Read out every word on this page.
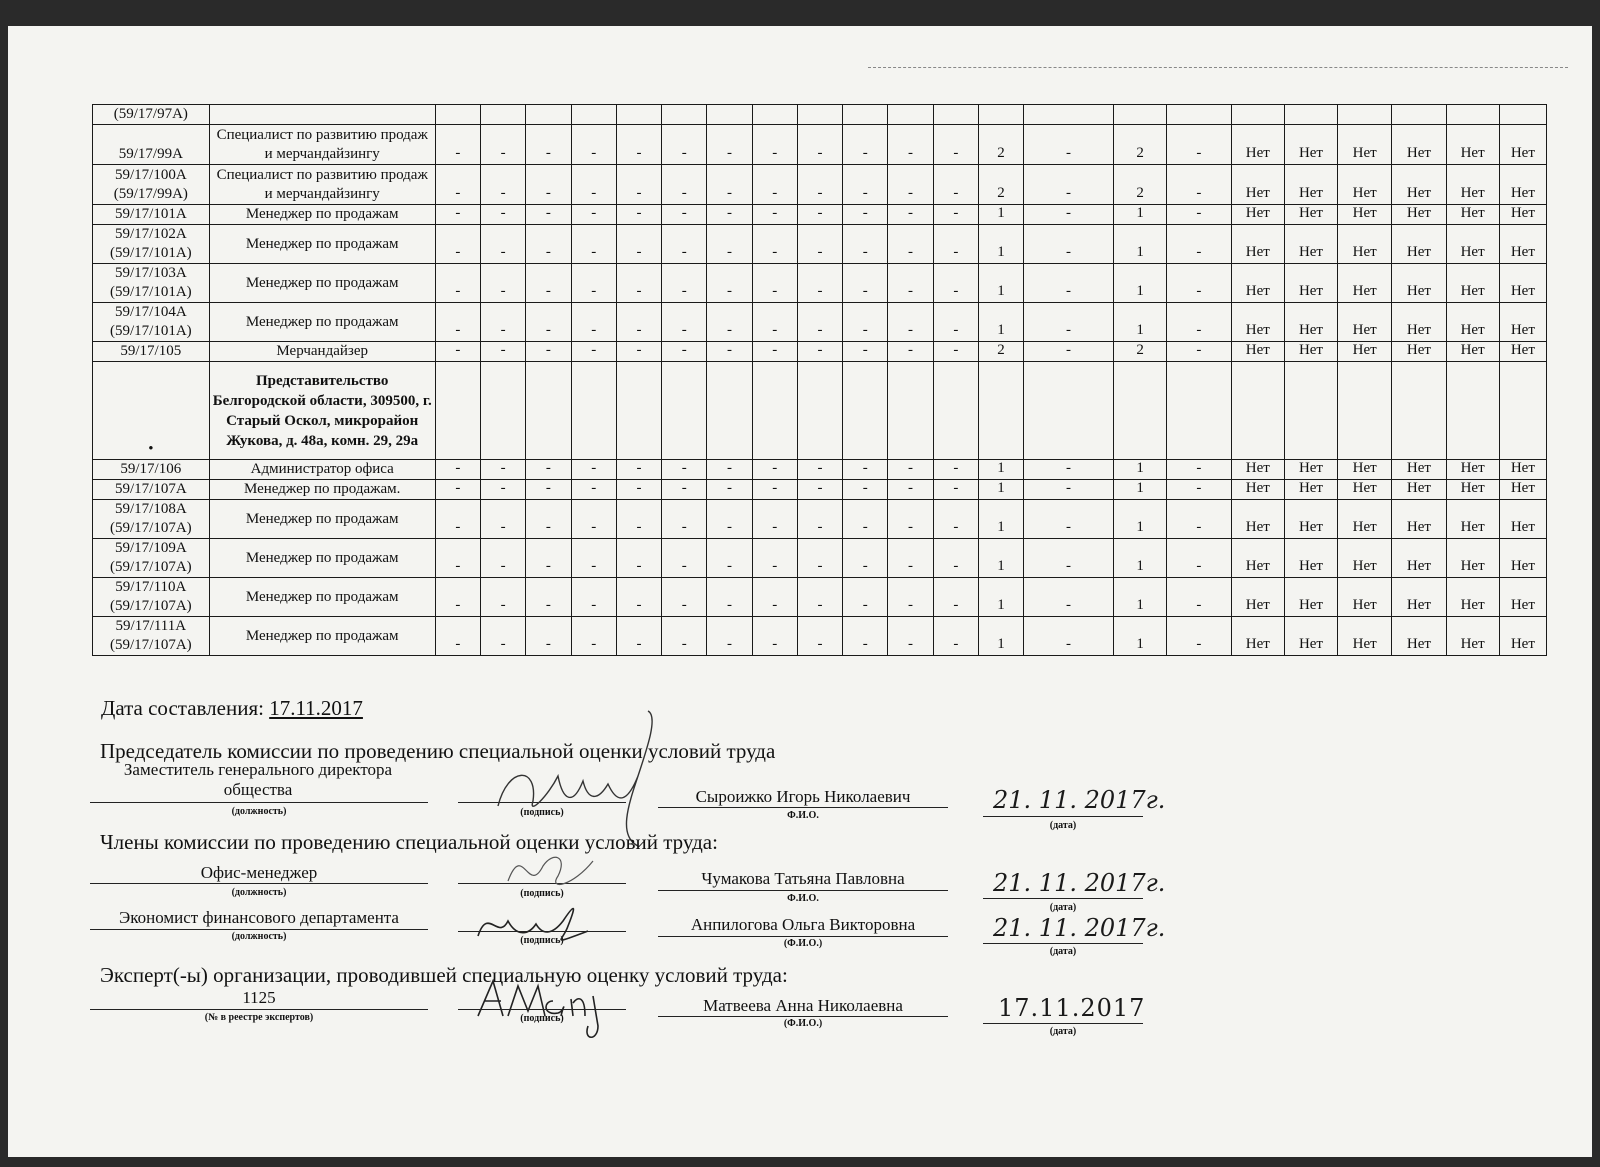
(59/17/97А)																							
59/17/99А	Специалист по развитию продаж и мерчандайзингу	-	-	-	-	-	-	-	-	-	-	-	-	2	-	2	-	Нет	Нет	Нет	Нет	Нет	Нет
59/17/100А (59/17/99А)	Специалист по развитию продаж и мерчандайзингу	-	-	-	-	-	-	-	-	-	-	-	-	2	-	2	-	Нет	Нет	Нет	Нет	Нет	Нет
59/17/101А	Менеджер по продажам	-	-	-	-	-	-	-	-	-	-	-	-	1	-	1	-	Нет	Нет	Нет	Нет	Нет	Нет
59/17/102А (59/17/101А)	Менеджер по продажам	-	-	-	-	-	-	-	-	-	-	-	-	1	-	1	-	Нет	Нет	Нет	Нет	Нет	Нет
59/17/103А (59/17/101А)	Менеджер по продажам	-	-	-	-	-	-	-	-	-	-	-	-	1	-	1	-	Нет	Нет	Нет	Нет	Нет	Нет
59/17/104А (59/17/101А)	Менеджер по продажам	-	-	-	-	-	-	-	-	-	-	-	-	1	-	1	-	Нет	Нет	Нет	Нет	Нет	Нет
59/17/105	Мерчандайзер	-	-	-	-	-	-	-	-	-	-	-	-	2	-	2	-	Нет	Нет	Нет	Нет	Нет	Нет
•	Представительство Белгородской области, 309500, г. Старый Оскол, микрорайон Жукова, д. 48а, комн. 29, 29а																						
59/17/106	Администратор офиса	-	-	-	-	-	-	-	-	-	-	-	-	1	-	1	-	Нет	Нет	Нет	Нет	Нет	Нет
59/17/107А	Менеджер по продажам.	-	-	-	-	-	-	-	-	-	-	-	-	1	-	1	-	Нет	Нет	Нет	Нет	Нет	Нет
59/17/108А (59/17/107А)	Менеджер по продажам	-	-	-	-	-	-	-	-	-	-	-	-	1	-	1	-	Нет	Нет	Нет	Нет	Нет	Нет
59/17/109А (59/17/107А)	Менеджер по продажам	-	-	-	-	-	-	-	-	-	-	-	-	1	-	1	-	Нет	Нет	Нет	Нет	Нет	Нет
59/17/110А (59/17/107А)	Менеджер по продажам	-	-	-	-	-	-	-	-	-	-	-	-	1	-	1	-	Нет	Нет	Нет	Нет	Нет	Нет
59/17/111А (59/17/107А)	Менеджер по продажам	-	-	-	-	-	-	-	-	-	-	-	-	1	-	1	-	Нет	Нет	Нет	Нет	Нет	Нет
Дата составления: 17.11.2017
Председатель комиссии по проведению специальной оценки условий труда
Заместитель генерального директора общества
(должность)	(подпись)
Сыроижко Игорь Николаевич
Ф.И.О.
21. 11. 2017г.
(дата)
Члены комиссии по проведению специальной оценки условий труда:
Офис-менеджер
(должность)	(подпись)
Чумакова Татьяна Павловна
Ф.И.О.
21. 11. 2017г.
(дата)
Экономист финансового департамента
(должность)	(подпись)
Анпилогова Ольга Викторовна
(Ф.И.О.)
21. 11. 2017г.
(дата)
Эксперт(-ы) организации, проводившей специальную оценку условий труда:
1125
(№ в реестре экспертов)	(подпись)
Матвеева Анна Николаевна
(Ф.И.О.)
17.11.2017
(дата)
